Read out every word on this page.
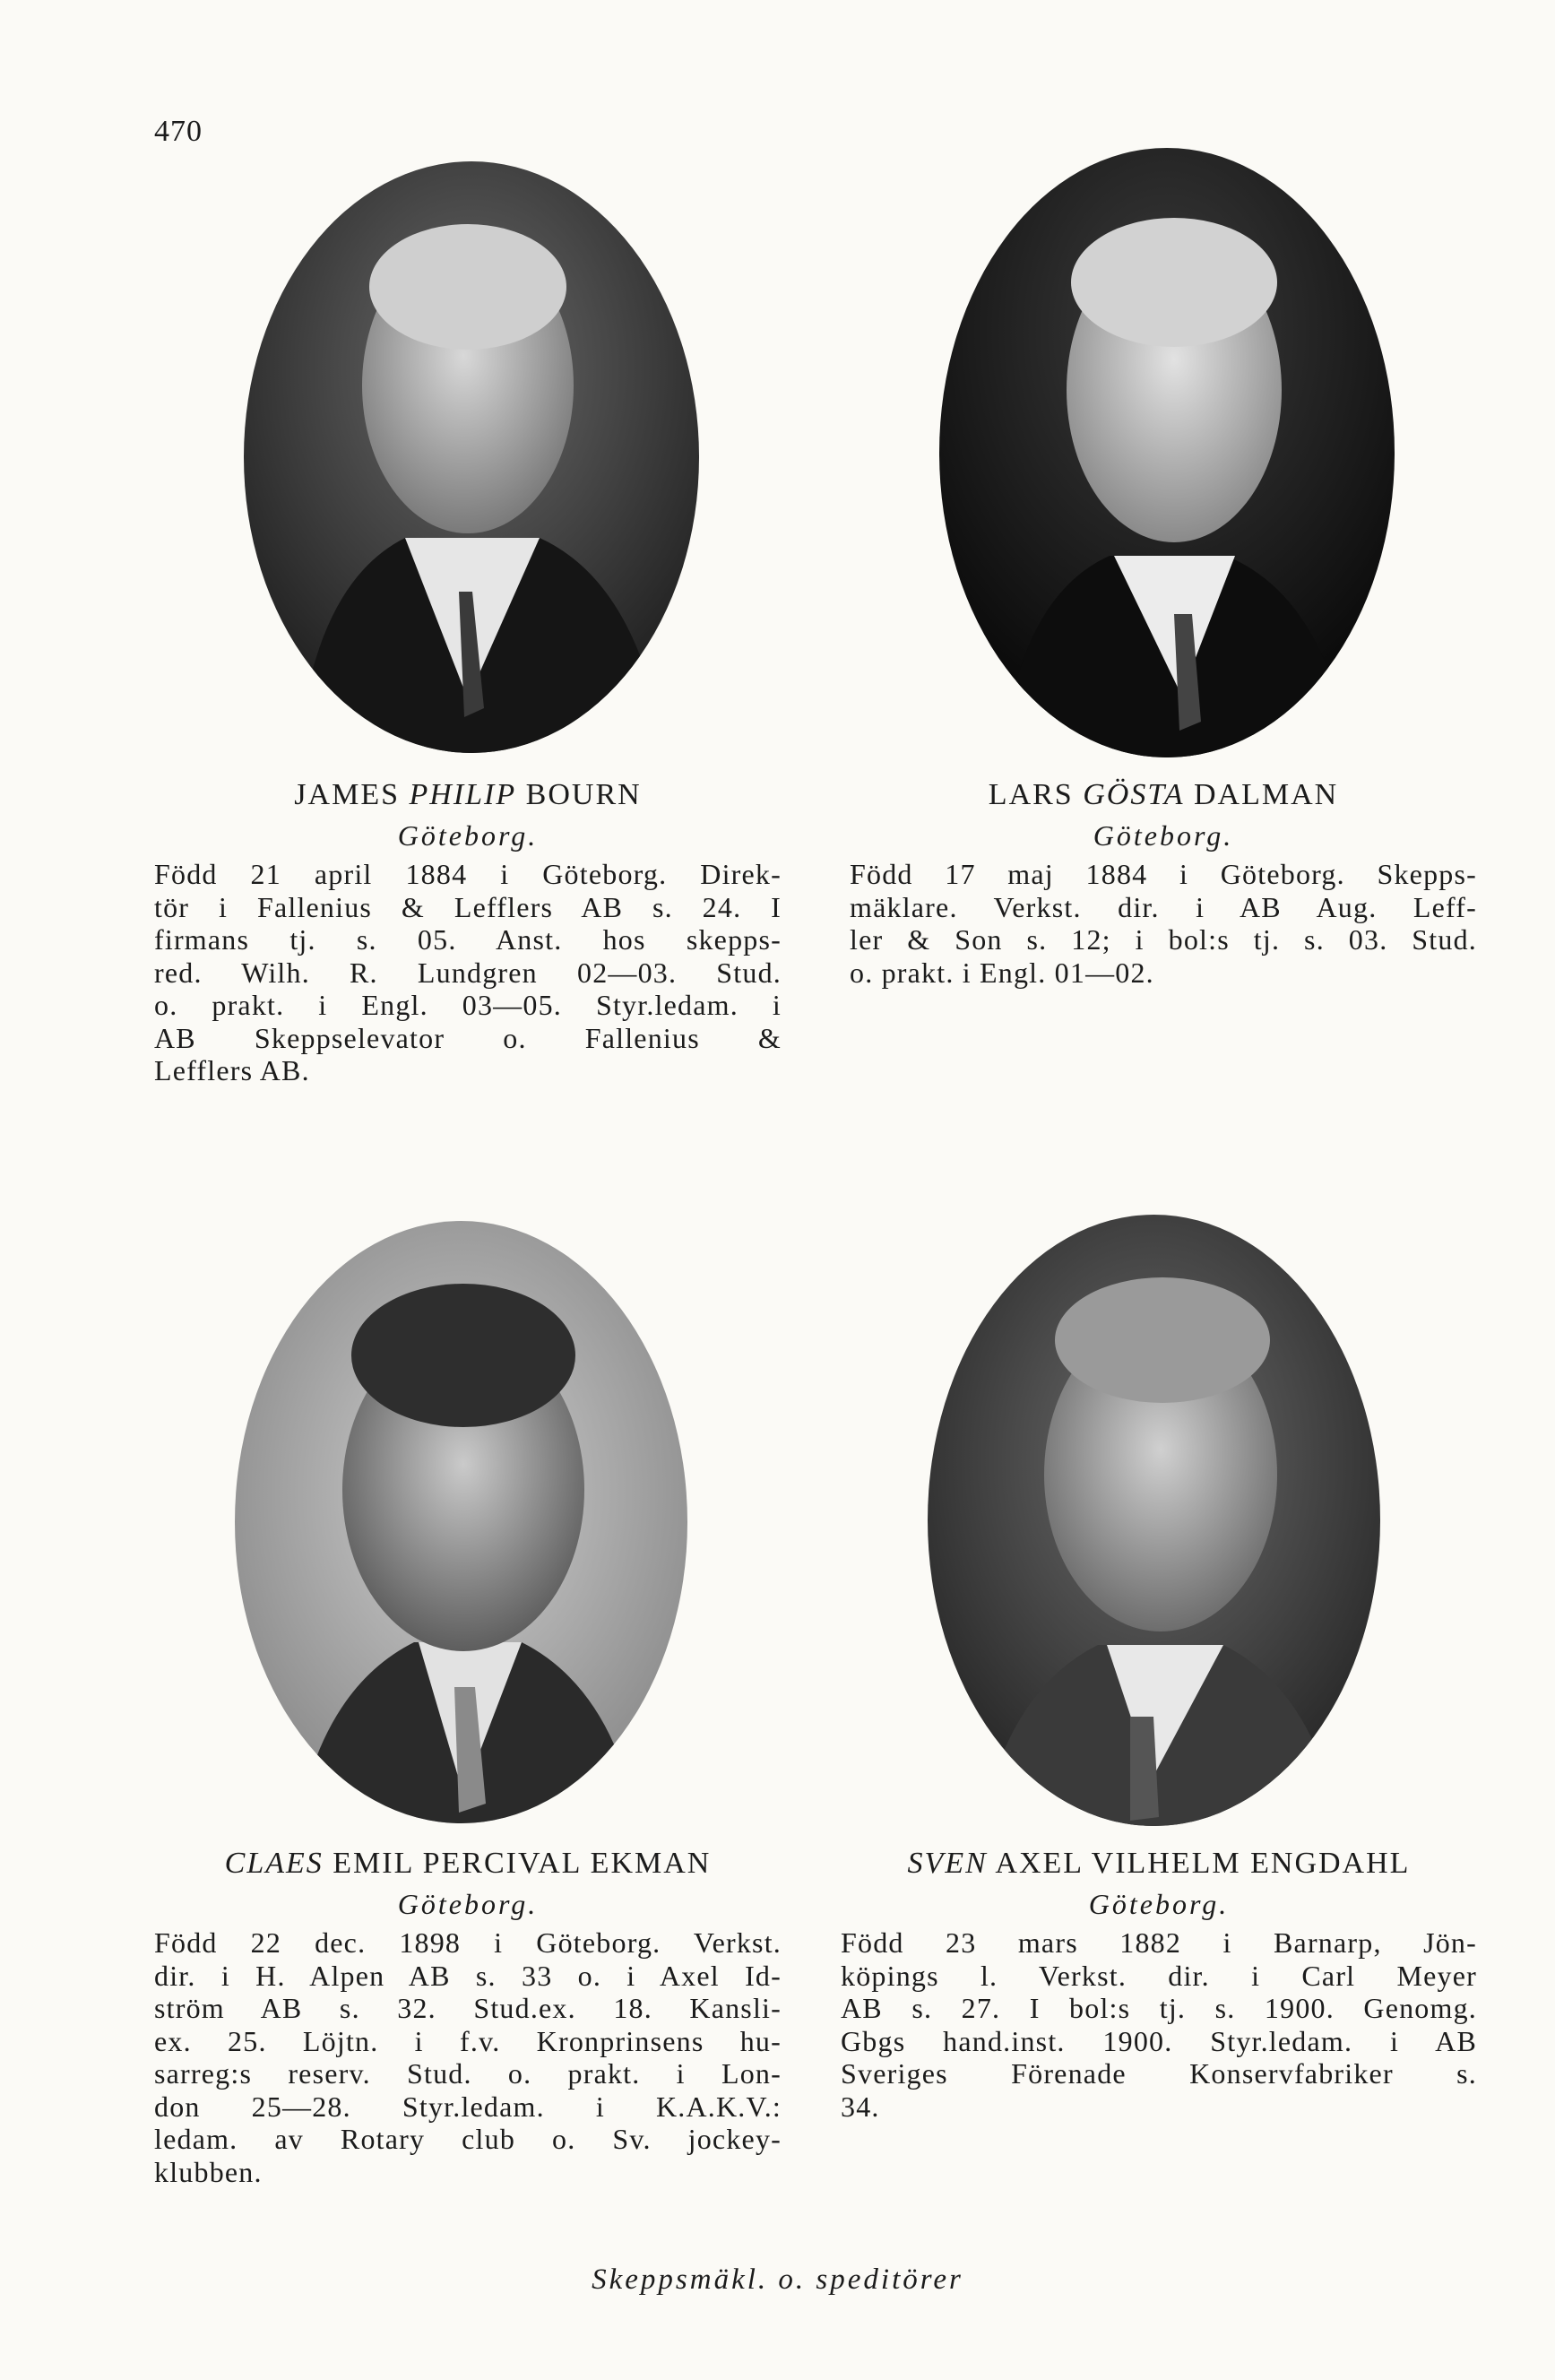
470
JAMES PHILIP BOURN
Göteborg.
Född 21 april 1884 i Göteborg. Direk-
tör i Fallenius & Lefflers AB s. 24. I
firmans tj. s. 05. Anst. hos skepps-
red. Wilh. R. Lundgren 02—03. Stud.
o. prakt. i Engl. 03—05. Styr.ledam. i
AB Skeppselevator o. Fallenius &
Lefflers AB.
LARS GÖSTA DALMAN
Göteborg.
Född 17 maj 1884 i Göteborg. Skepps-
mäklare. Verkst. dir. i AB Aug. Leff-
ler & Son s. 12; i bol:s tj. s. 03. Stud.
o. prakt. i Engl. 01—02.
CLAES EMIL PERCIVAL EKMAN
Göteborg.
Född 22 dec. 1898 i Göteborg. Verkst.
dir. i H. Alpen AB s. 33 o. i Axel Id-
ström AB s. 32. Stud.ex. 18. Kansli-
ex. 25. Löjtn. i f.v. Kronprinsens hu-
sarreg:s reserv. Stud. o. prakt. i Lon-
don 25—28. Styr.ledam. i K.A.K.V.:
ledam. av Rotary club o. Sv. jockey-
klubben.
SVEN AXEL VILHELM ENGDAHL
Göteborg.
Född 23 mars 1882 i Barnarp, Jön-
köpings l. Verkst. dir. i Carl Meyer
AB s. 27. I bol:s tj. s. 1900. Genomg.
Gbgs hand.inst. 1900. Styr.ledam. i AB
Sveriges Förenade Konservfabriker s.
34.
Skeppsmäkl. o. speditörer
